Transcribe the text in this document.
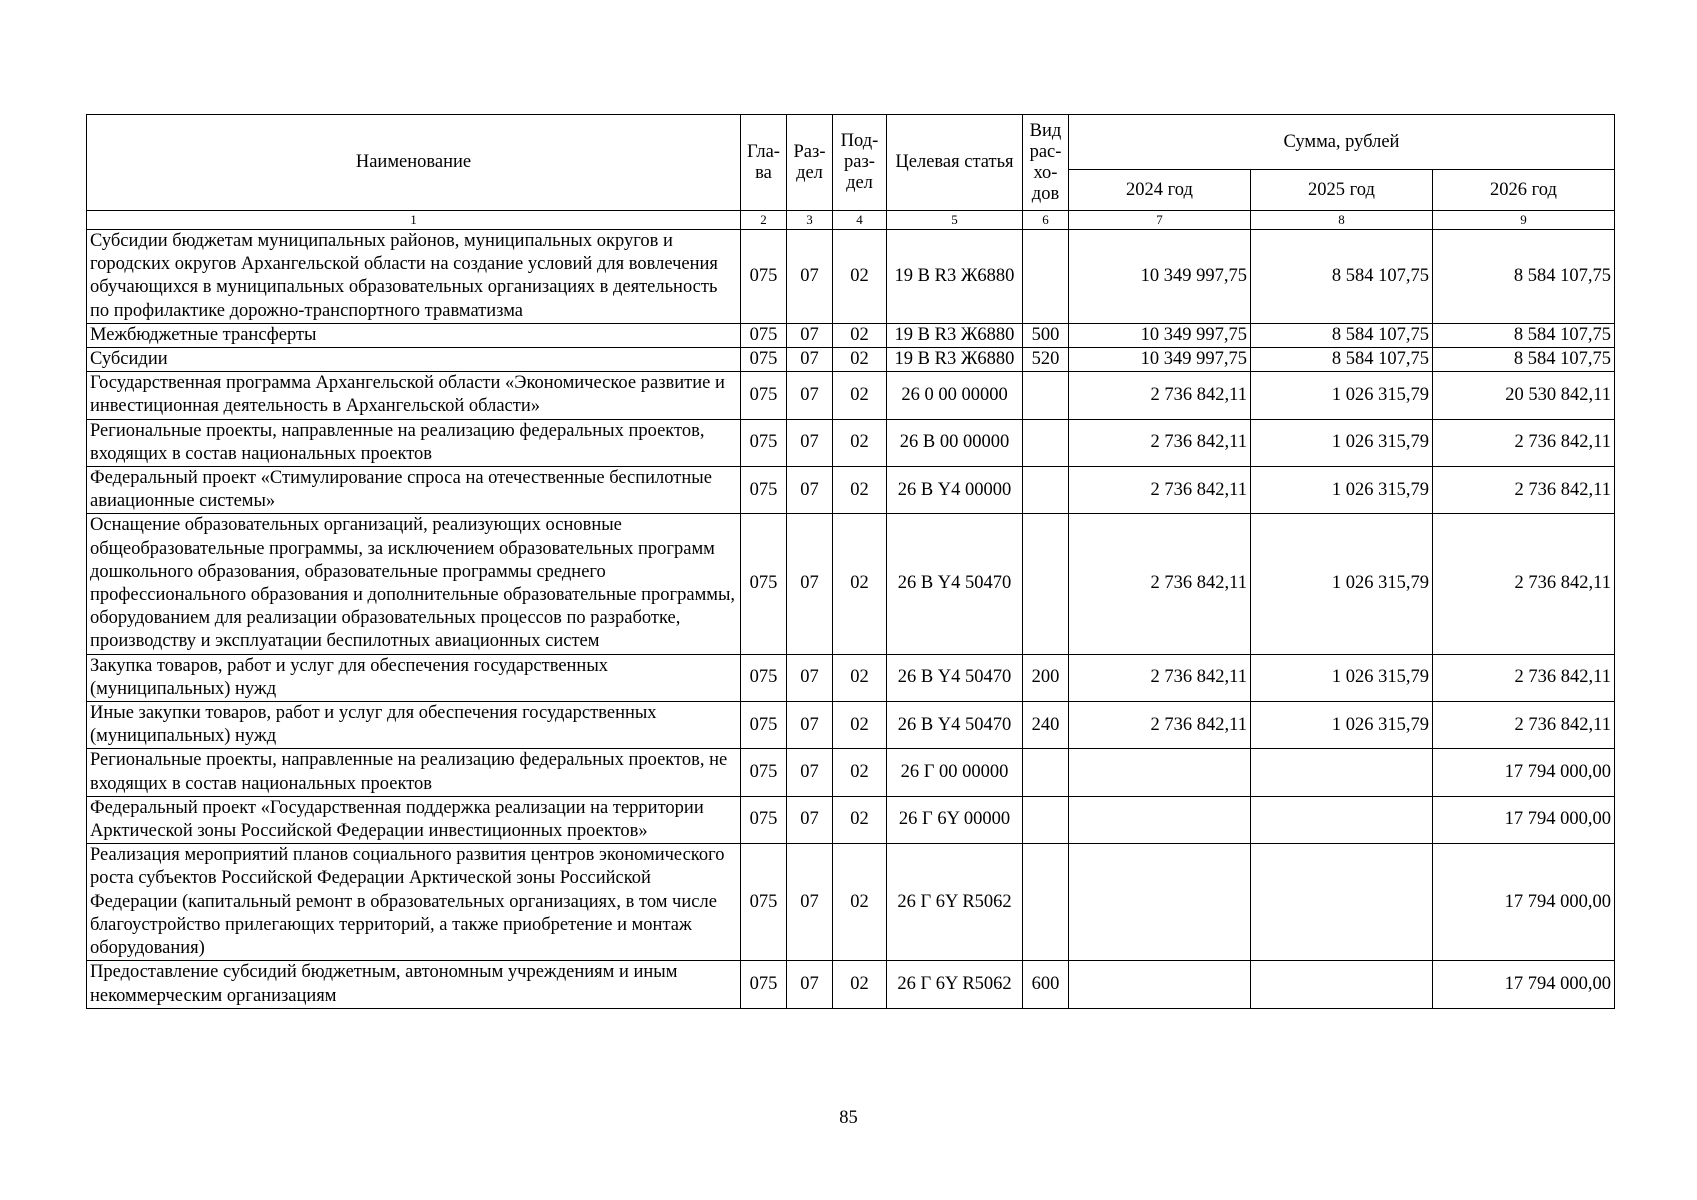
Наименование	Гла-ва	Раз-дел	Под-раз-дел	Целевая статья	Вид рас-хо-дов	Сумма, рублей		
						2024 год	2025 год	2026 год
1	2	3	4	5	6	7	8	9
Субсидии бюджетам муниципальных районов, муниципальных округов и городских округов Архангельской области на создание условий для вовлечения обучающихся в муниципальных образовательных организациях в деятельность по профилактике дорожно-транспортного травматизма	075	07	02	19 В R3 Ж6880		10 349 997,75	8 584 107,75	8 584 107,75
Межбюджетные трансферты	075	07	02	19 В R3 Ж6880	500	10 349 997,75	8 584 107,75	8 584 107,75
Субсидии	075	07	02	19 В R3 Ж6880	520	10 349 997,75	8 584 107,75	8 584 107,75
Государственная программа Архангельской области «Экономическое развитие и инвестиционная деятельность в Архангельской области»	075	07	02	26 0 00 00000		2 736 842,11	1 026 315,79	20 530 842,11
Региональные проекты, направленные на реализацию федеральных проектов, входящих в состав национальных проектов	075	07	02	26 В 00 00000		2 736 842,11	1 026 315,79	2 736 842,11
Федеральный проект «Стимулирование спроса на отечественные беспилотные авиационные системы»	075	07	02	26 В Y4 00000		2 736 842,11	1 026 315,79	2 736 842,11
Оснащение образовательных организаций, реализующих основные общеобразовательные программы, за исключением образовательных программ дошкольного образования, образовательные программы среднего профессионального образования и дополнительные образовательные программы, оборудованием для реализации образовательных процессов по разработке, производству и эксплуатации беспилотных авиационных систем	075	07	02	26 В Y4 50470		2 736 842,11	1 026 315,79	2 736 842,11
Закупка товаров, работ и услуг для обеспечения государственных (муниципальных) нужд	075	07	02	26 В Y4 50470	200	2 736 842,11	1 026 315,79	2 736 842,11
Иные закупки товаров, работ и услуг для обеспечения государственных (муниципальных) нужд	075	07	02	26 В Y4 50470	240	2 736 842,11	1 026 315,79	2 736 842,11
Региональные проекты, направленные на реализацию федеральных проектов, не входящих в состав национальных проектов	075	07	02	26 Г 00 00000				17 794 000,00
Федеральный проект «Государственная поддержка реализации на территории Арктической зоны Российской Федерации инвестиционных проектов»	075	07	02	26 Г 6Y 00000				17 794 000,00
Реализация мероприятий планов социального развития центров экономического роста субъектов Российской Федерации Арктической зоны Российской Федерации (капитальный ремонт в образовательных организациях, в том числе благоустройство прилегающих территорий, а также приобретение и монтаж оборудования)	075	07	02	26 Г 6Y R5062				17 794 000,00
Предоставление субсидий бюджетным, автономным учреждениям и иным некоммерческим организациям	075	07	02	26 Г 6Y R5062	600			17 794 000,00
85
